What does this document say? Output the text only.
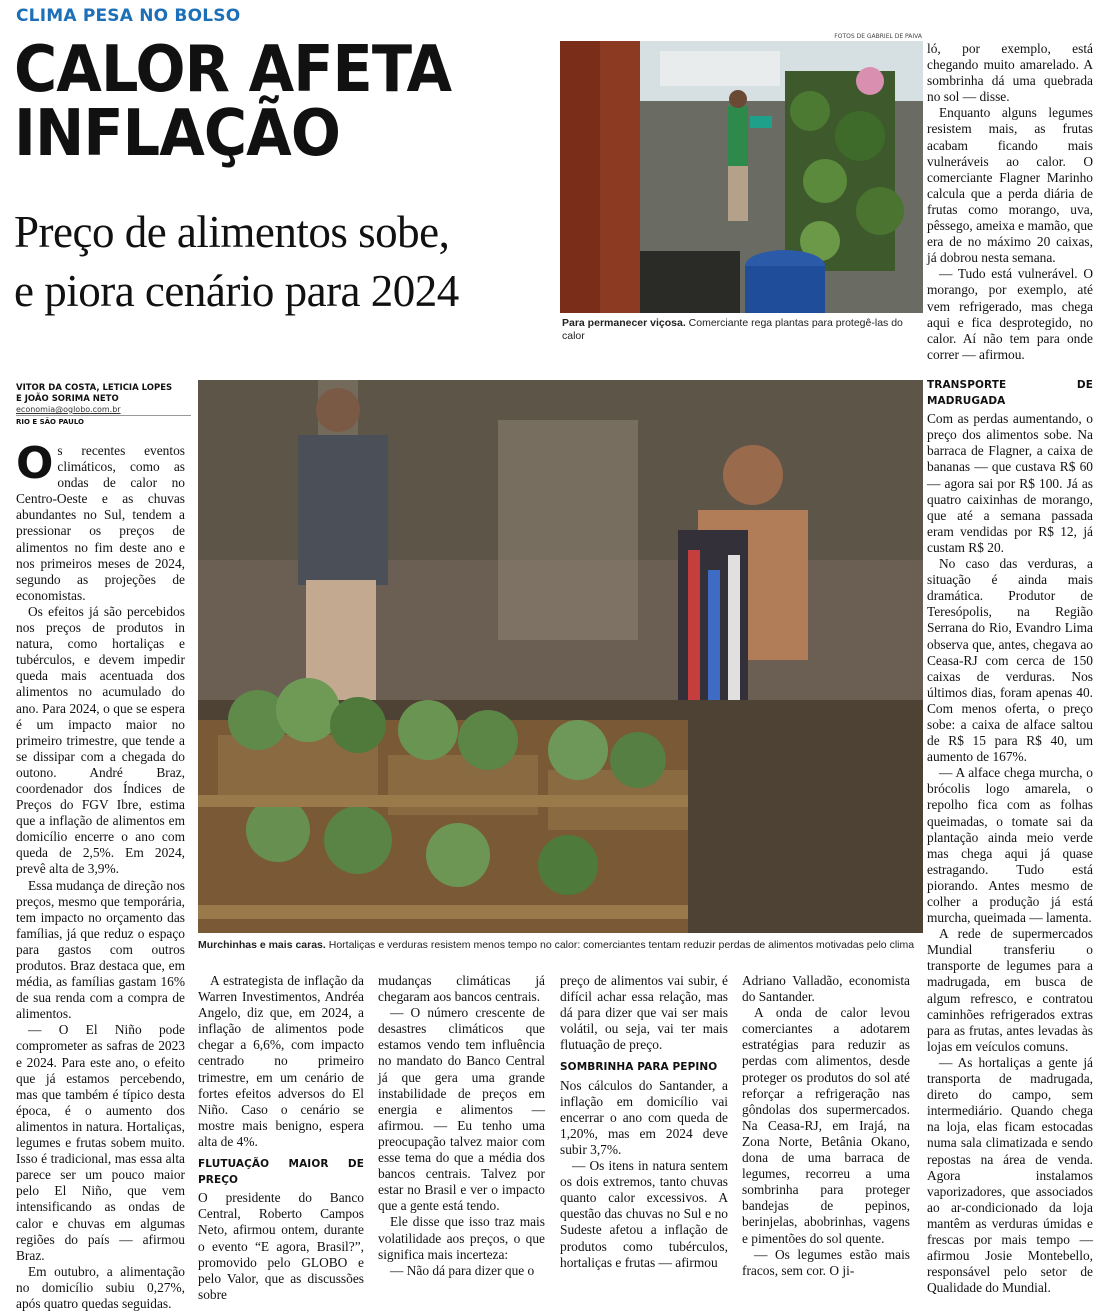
CLIMA PESA NO BOLSO
CALOR AFETA
INFLAÇÃO
Preço de alimentos sobe,
e piora cenário para 2024
FOTOS DE GABRIEL DE PAIVA
Para permanecer viçosa. Comerciante rega plantas para protegê-las do calor
Murchinhas e mais caras. Hortaliças e verduras resistem menos tempo no calor: comerciantes tentam reduzir perdas de alimentos motivadas pelo clima
VITOR DA COSTA, LETICIA LOPES
E JOÃO SORIMA NETO
economia@oglobo.com.br
RIO E SÃO PAULO

Os recentes eventos climáticos, como as ondas de calor no Centro-Oeste e as chuvas abundantes no Sul, tendem a pressionar os preços de alimentos no fim deste ano e nos primeiros meses de 2024, segundo as projeções de economistas.

Os efeitos já são percebidos nos preços de produtos in natura, como hortaliças e tubérculos, e devem impedir queda mais acentuada dos alimentos no acumulado do ano. Para 2024, o que se espera é um impacto maior no primeiro trimestre, que tende a se dissipar com a chegada do outono. André Braz, coordenador dos Índices de Preços do FGV Ibre, estima que a inflação de alimentos em domicílio encerre o ano com queda de 2,5%. Em 2024, prevê alta de 3,9%.

Essa mudança de direção nos preços, mesmo que temporária, tem impacto no orçamento das famílias, já que reduz o espaço para gastos com outros produtos. Braz destaca que, em média, as famílias gastam 16% de sua renda com a compra de alimentos.

— O El Niño pode comprometer as safras de 2023 e 2024. Para este ano, o efeito que já estamos percebendo, mas que também é típico desta época, é o aumento dos alimentos in natura. Hortaliças, legumes e frutas sobem muito. Isso é tradicional, mas essa alta parece ser um pouco maior pelo El Niño, que vem intensificando as ondas de calor e chuvas em algumas regiões do país — afirmou Braz.

Em outubro, a alimentação no domicílio subiu 0,27%, após quatro quedas seguidas.

A estrategista de inflação da Warren Investimentos, Andréa Angelo, diz que, em 2024, a inflação de alimentos pode chegar a 6,6%, com impacto centrado no primeiro trimestre, em um cenário de fortes efeitos adversos do El Niño. Caso o cenário se mostre mais benigno, espera alta de 4%.

FLUTUAÇÃO MAIOR DE PREÇO

O presidente do Banco Central, Roberto Campos Neto, afirmou ontem, durante o evento “E agora, Brasil?”, promovido pelo GLOBO e pelo Valor, que as discussões sobre

mudanças climáticas já chegaram aos bancos centrais.

— O número crescente de desastres climáticos que estamos vendo tem influência no mandato do Banco Central já que gera uma grande instabilidade de preços em energia e alimentos — afirmou. — Eu tenho uma preocupação talvez maior com esse tema do que a média dos bancos centrais. Talvez por estar no Brasil e ver o impacto que a gente está tendo.

Ele disse que isso traz mais volatilidade aos preços, o que significa mais incerteza:

— Não dá para dizer que o

preço de alimentos vai subir, é difícil achar essa relação, mas dá para dizer que vai ser mais volátil, ou seja, vai ter mais flutuação de preço.

SOMBRINHA PARA PEPINO

Nos cálculos do Santander, a inflação em domicílio vai encerrar o ano com queda de 1,20%, mas em 2024 deve subir 3,7%.

— Os itens in natura sentem os dois extremos, tanto chuvas quanto calor excessivos. A questão das chuvas no Sul e no Sudeste afetou a inflação de produtos como tubérculos, hortaliças e frutas — afirmou

Adriano Valladão, economista do Santander.

A onda de calor levou comerciantes a adotarem estratégias para reduzir as perdas com alimentos, desde proteger os produtos do sol até reforçar a refrigeração nas gôndolas dos supermercados. Na Ceasa-RJ, em Irajá, na Zona Norte, Betânia Okano, dona de uma barraca de legumes, recorreu a uma sombrinha para proteger bandejas de pepinos, berinjelas, abobrinhas, vagens e pimentões do sol quente.

— Os legumes estão mais fracos, sem cor. O ji-

ló, por exemplo, está chegando muito amarelado. A sombrinha dá uma quebrada no sol — disse.

Enquanto alguns legumes resistem mais, as frutas acabam ficando mais vulneráveis ao calor. O comerciante Flagner Marinho calcula que a perda diária de frutas como morango, uva, pêssego, ameixa e mamão, que era de no máximo 20 caixas, já dobrou nesta semana.

— Tudo está vulnerável. O morango, por exemplo, até vem refrigerado, mas chega aqui e fica desprotegido, no calor. Aí não tem para onde correr — afirmou.

TRANSPORTE DE MADRUGADA

Com as perdas aumentando, o preço dos alimentos sobe. Na barraca de Flagner, a caixa de bananas — que custava R$ 60 — agora sai por R$ 100. Já as quatro caixinhas de morango, que até a semana passada eram vendidas por R$ 12, já custam R$ 20.

No caso das verduras, a situação é ainda mais dramática. Produtor de Teresópolis, na Região Serrana do Rio, Evandro Lima observa que, antes, chegava ao Ceasa-RJ com cerca de 150 caixas de verduras. Nos últimos dias, foram apenas 40. Com menos oferta, o preço sobe: a caixa de alface saltou de R$ 15 para R$ 40, um aumento de 167%.

— A alface chega murcha, o brócolis logo amarela, o repolho fica com as folhas queimadas, o tomate sai da plantação ainda meio verde mas chega aqui já quase estragando. Tudo está piorando. Antes mesmo de colher a produção já está murcha, queimada — lamenta.

A rede de supermercados Mundial transferiu o transporte de legumes para a madrugada, em busca de algum refresco, e contratou caminhões refrigerados extras para as frutas, antes levadas às lojas em veículos comuns.

— As hortaliças a gente já transporta de madrugada, direto do campo, sem intermediário. Quando chega na loja, elas ficam estocadas numa sala climatizada e sendo repostas na área de venda. Agora instalamos vaporizadores, que associados ao ar-condicionado da loja mantêm as verduras úmidas e frescas por mais tempo — afirmou Josie Montebello, responsável pelo setor de Qualidade do Mundial.
